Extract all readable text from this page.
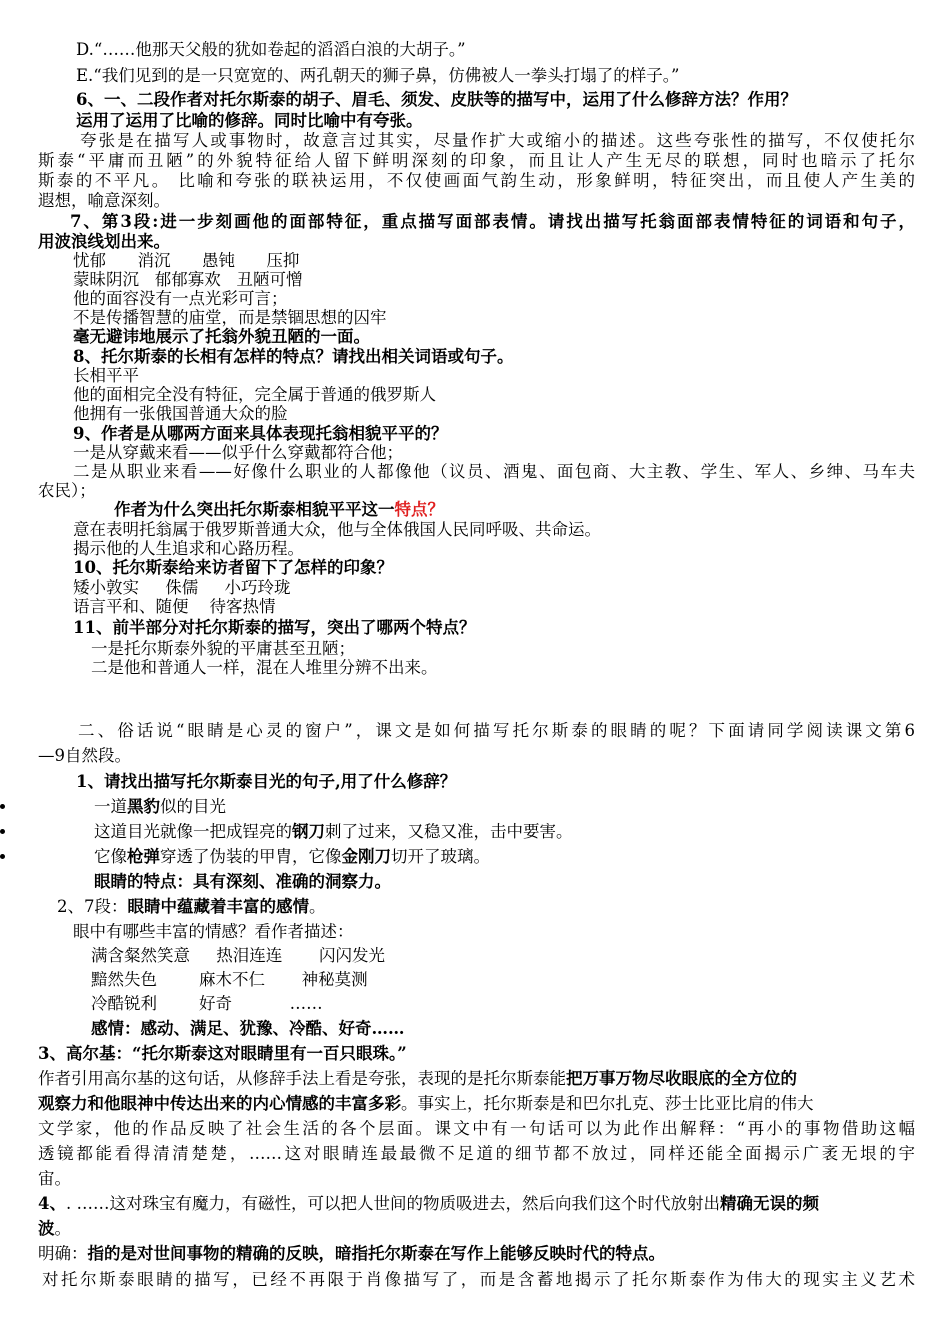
D.“……他那天父般的犹如卷起的滔滔白浪的大胡子。”
E.“我们见到的是一只宽宽的、两孔朝天的狮子鼻，仿佛被人一拳头打塌了的样子。”
6、一、二段作者对托尔斯泰的胡子、眉毛、须发、皮肤等的描写中，运用了什么修辞方法？作用？
运用了运用了比喻的修辞。同时比喻中有夸张。
夸张是在描写人或事物时，故意言过其实，尽量作扩大或缩小的描述。这些夸张性的描写，不仅使托尔
斯泰“平庸而丑陋”的外貌特征给人留下鲜明深刻的印象，而且让人产生无尽的联想，同时也暗示了托尔
斯泰的不平凡。 比喻和夸张的联袂运用，不仅使画面气韵生动，形象鲜明，特征突出，而且使人产生美的
遐想，喻意深刻。
7、第3段:进一步刻画他的面部特征，重点描写面部表情。请找出描写托翁面部表情特征的词语和句子，
用波浪线划出来。
忧郁      消沉      愚钝      压抑
蒙昧阴沉   郁郁寡欢   丑陋可憎
他的面容没有一点光彩可言；
不是传播智慧的庙堂，而是禁锢思想的囚牢
毫无避讳地展示了托翁外貌丑陋的一面。
8、托尔斯泰的长相有怎样的特点？请找出相关词语或句子。
长相平平
他的面相完全没有特征，完全属于普通的俄罗斯人
他拥有一张俄国普通大众的脸
9、作者是从哪两方面来具体表现托翁相貌平平的？
一是从穿戴来看——似乎什么穿戴都符合他；
二是从职业来看——好像什么职业的人都像他（议员、酒鬼、面包商、大主教、学生、军人、乡绅、马车夫
农民）；
作者为什么突出托尔斯泰相貌平平这一特点？
意在表明托翁属于俄罗斯普通大众，他与全体俄国人民同呼吸、共命运。
揭示他的人生追求和心路历程。
10、托尔斯泰给来访者留下了怎样的印象？
矮小敦实     侏儒     小巧玲珑
语言平和、随便    待客热情
11、前半部分对托尔斯泰的描写，突出了哪两个特点？
一是托尔斯泰外貌的平庸甚至丑陋；
二是他和普通人一样，混在人堆里分辨不出来。
二、俗话说“眼睛是心灵的窗户”，课文是如何描写托尔斯泰的眼睛的呢？下面请同学阅读课文第6
—9自然段。
1、请找出描写托尔斯泰目光的句子,用了什么修辞？
一道黑豹似的目光
这道目光就像一把成锃亮的钢刀刺了过来，又稳又准，击中要害。
它像枪弹穿透了伪装的甲胄，它像金刚刀切开了玻璃。
眼睛的特点：具有深刻、准确的洞察力。
2、7段：眼睛中蕴藏着丰富的感情。
眼中有哪些丰富的情感？看作者描述：
满含粲然笑意     热泪连连       闪闪发光
黯然失色        麻木不仁       神秘莫测
冷酷锐利        好奇           ……
感情：感动、满足、犹豫、冷酷、好奇……
3、高尔基：“托尔斯泰这对眼睛里有一百只眼珠。”
作者引用高尔基的这句话，从修辞手法上看是夸张，表现的是托尔斯泰能把万事万物尽收眼底的全方位的
观察力和他眼神中传达出来的内心情感的丰富多彩。事实上，托尔斯泰是和巴尔扎克、莎士比亚比肩的伟大
文学家，他的作品反映了社会生活的各个层面。课文中有一句话可以为此作出解释：“再小的事物借助这幅
透镜都能看得清清楚楚，……这对眼睛连最最微不足道的细节都不放过，同样还能全面揭示广袤无垠的宇
宙。
4、. ……这对珠宝有魔力，有磁性，可以把人世间的物质吸进去，然后向我们这个时代放射出精确无误的频
波。
明确：指的是对世间事物的精确的反映，暗指托尔斯泰在写作上能够反映时代的特点。
对托尔斯泰眼睛的描写，已经不再限于肖像描写了，而是含蓄地揭示了托尔斯泰作为伟大的现实主义艺术
